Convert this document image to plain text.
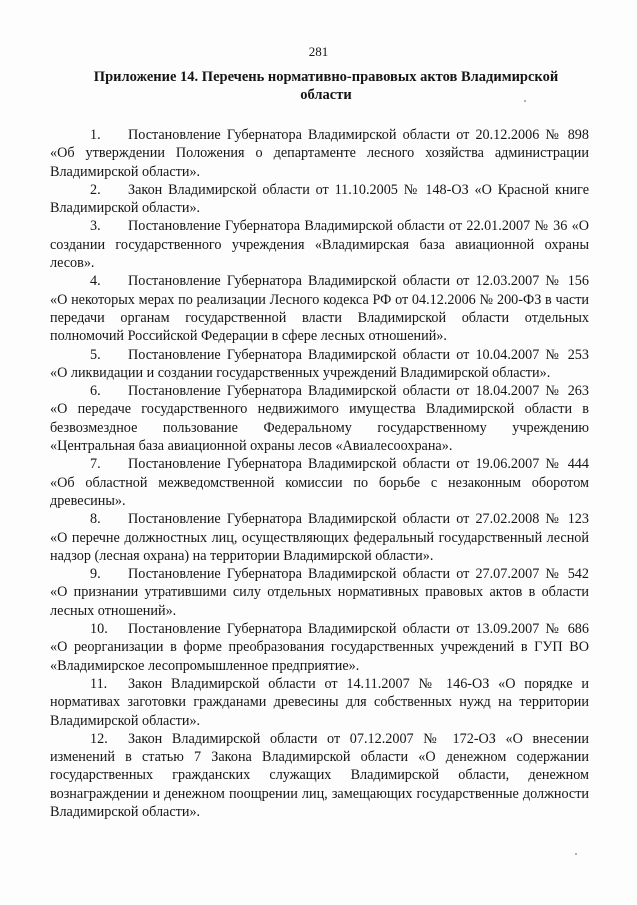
281
Приложение 14. Перечень нормативно-правовых актов Владимирской
области

1. Постановление Губернатора Владимирской области от 20.12.2006 № 898 «Об утверждении Положения о департаменте лесного хозяйства администрации Владимирской области».

2. Закон Владимирской области от 11.10.2005 № 148-ОЗ «О Красной книге Владимирской области».

3. Постановление Губернатора Владимирской области от 22.01.2007 № 36 «О создании государственного учреждения «Владимирская база авиационной охраны лесов».

4. Постановление Губернатора Владимирской области от 12.03.2007 № 156 «О некоторых мерах по реализации Лесного кодекса РФ от 04.12.2006 № 200-ФЗ в части передачи органам государственной власти Владимирской области отдельных полномочий Российской Федерации в сфере лесных отношений».

5. Постановление Губернатора Владимирской области от 10.04.2007 № 253 «О ликвидации и создании государственных учреждений Владимирской области».

6. Постановление Губернатора Владимирской области от 18.04.2007 № 263 «О передаче государственного недвижимого имущества Владимирской области в безвозмездное пользование Федеральному государственному учреждению «Центральная база авиационной охраны лесов «Авиалесоохрана».

7. Постановление Губернатора Владимирской области от 19.06.2007 № 444 «Об областной межведомственной комиссии по борьбе с незаконным оборотом древесины».

8. Постановление Губернатора Владимирской области от 27.02.2008 № 123 «О перечне должностных лиц, осуществляющих федеральный государственный лесной надзор (лесная охрана) на территории Владимирской области».

9. Постановление Губернатора Владимирской области от 27.07.2007 № 542 «О признании утратившими силу отдельных нормативных правовых актов в области лесных отношений».

10. Постановление Губернатора Владимирской области от 13.09.2007 № 686 «О реорганизации в форме преобразования государственных учреждений в ГУП ВО «Владимирское лесопромышленное предприятие».

11. Закон Владимирской области от 14.11.2007 № 146-ОЗ «О порядке и нормативах заготовки гражданами древесины для собственных нужд на территории Владимирской области».

12. Закон Владимирской области от 07.12.2007 № 172-ОЗ «О внесении изменений в статью 7 Закона Владимирской области «О денежном содержании государственных гражданских служащих Владимирской области, денежном вознаграждении и денежном поощрении лиц, замещающих государственные должности Владимирской области».
